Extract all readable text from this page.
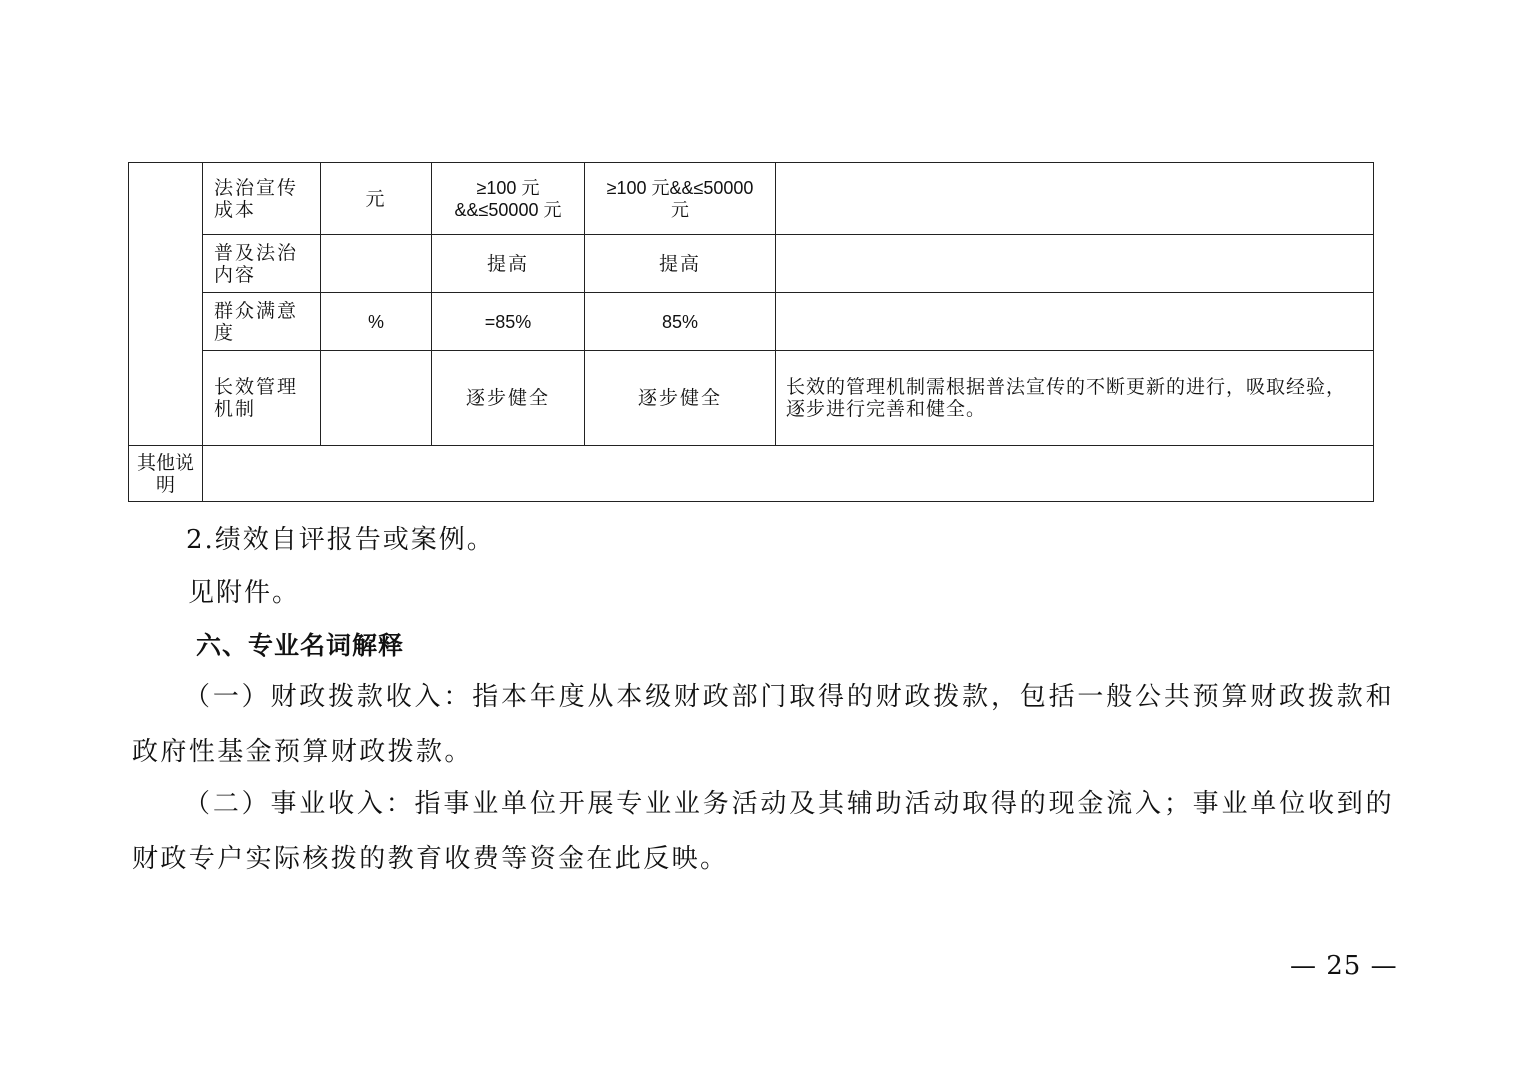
	法治宣传成本	元	≥100 元&&≤50000 元	≥100 元&&≤50000 元	
	普及法治内容		提高	提高	
	群众满意度	%	=85%	85%	
	长效管理机制		逐步健全	逐步健全	长效的管理机制需根据普法宣传的不断更新的进行，吸取经验，逐步进行完善和健全。
其他说明					
2.绩效自评报告或案例。
见附件。
六、专业名词解释
（一）财政拨款收入：指本年度从本级财政部门取得的财政拨款，包括一般公共预算财政拨款和政府性基金预算财政拨款。
（二）事业收入：指事业单位开展专业业务活动及其辅助活动取得的现金流入；事业单位收到的财政专户实际核拨的教育收费等资金在此反映。
— 25 —
